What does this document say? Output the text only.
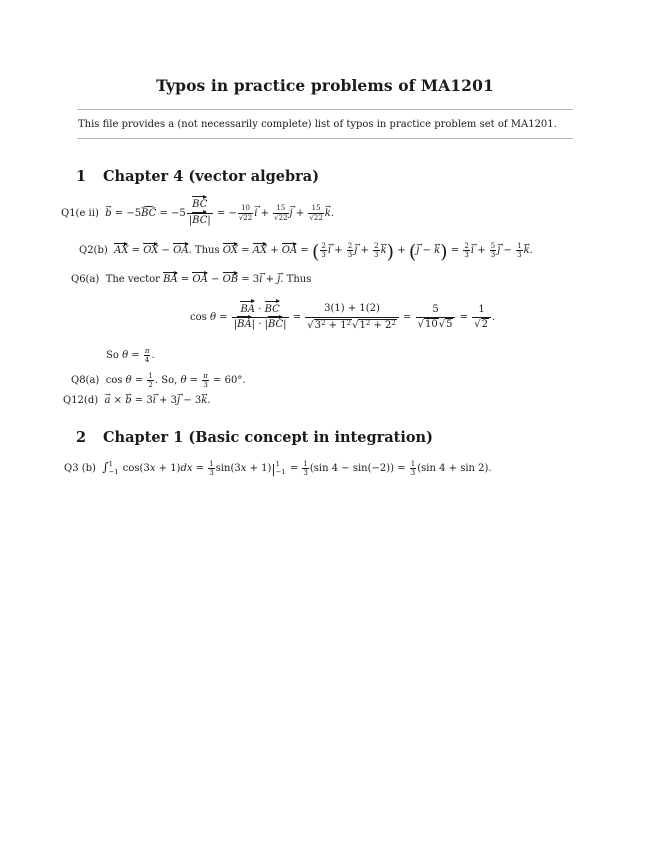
Typos in practice problems of MA1201
This file provides a (not necessarily complete) list of typos in practice problem set of MA1201.
1 Chapter 4 (vector algebra)
Q1(e $ii) \to b = -5BC = -5 \frac{BC}{|BC|}$ = − $\frac{10}{√22}$
→ $i + \frac{15}{√22}$
→ $j + \frac{15}{√22}$
→ k.
Q2(b) AX = OX − OA. Thus OX = AX + OA = ( $\frac{2}{3}$
→ $i + \frac{2}{3}$
→ $j + \frac{2}{3}$
→ k) + (→ j − → $k) = \frac{2}{3}$
→ $i + \frac{5}{3}$
→ $j - \frac{1}{3}$
→ k.
Q6(a) The vector BA = OA − OB = 3→ i + → j. Thus
$\cos \theta = \frac{BA \cdot BC}{|BA| \cdot |BC|} = \frac{3(1) + 1(2)}{√3^2 + 1^2√1^2 + 2^2} = \frac{5}{√10√5} = \frac{1}{√2}$ .
So $\theta = \frac{\pi}{4}$ .
Q8(a)  $\cos \theta = \frac{1}{2}$ . So, $\theta = \frac{\pi}{3} = 60^\circ$.
Q12(d)  → a × → b = 3→ i + 3→ j − 3→ k.
2 Chapter 1 (Basic concept in integration)
Q3 (b) ∫ 1
−1 $\cos(3x + 1)dx = \frac{1}{3} \sin(3x + 1)|$ 1
$-1 = \frac{1}{3} (\sin$ $4 - \sin(-2)) = \frac{1}{3} (\sin$ 4 + sin 2).
